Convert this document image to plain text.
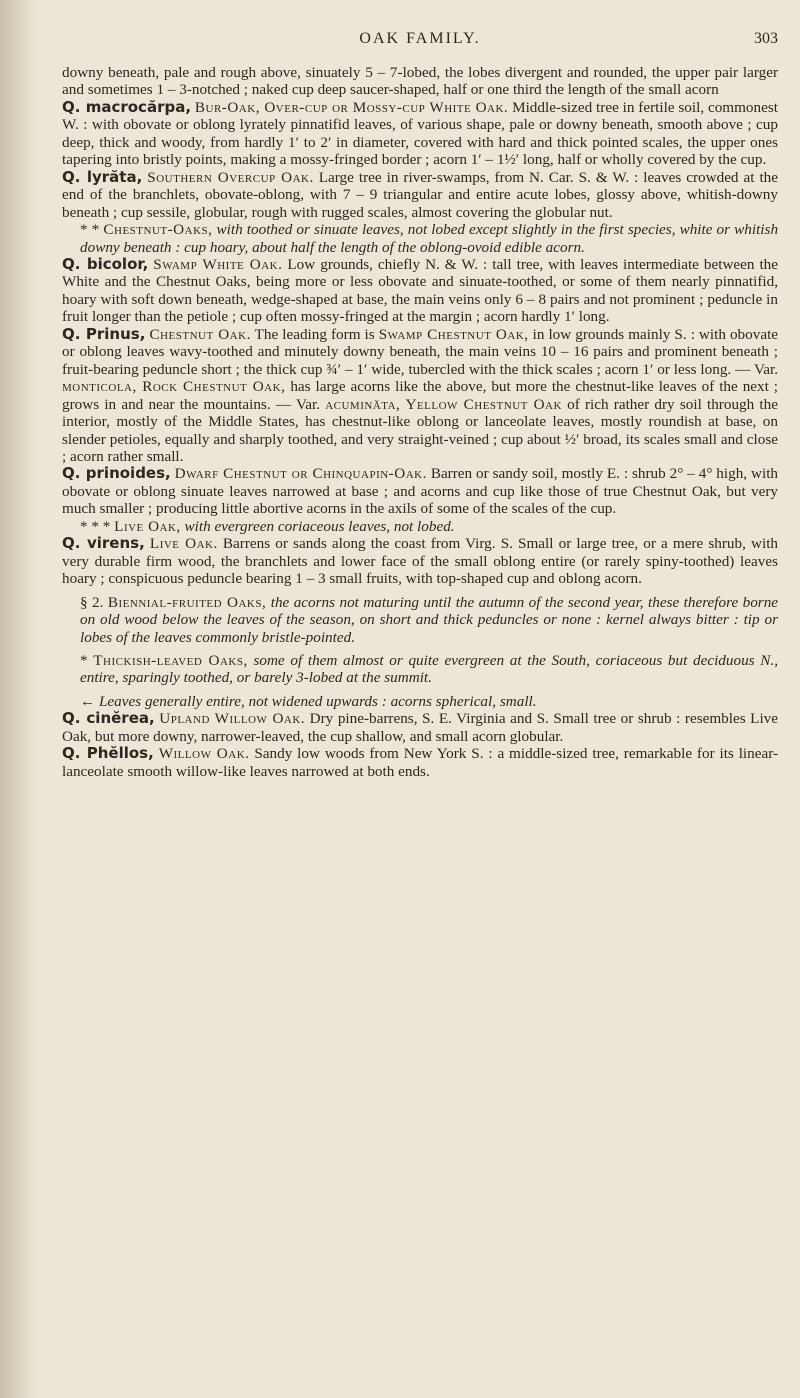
OAK FAMILY.	303

downy beneath, pale and rough above, sinuately 5 – 7-lobed, the lobes divergent and rounded, the upper pair larger and sometimes 1 – 3-notched ; naked cup deep saucer-shaped, half or one third the length of the small acorn

Q. macrocărpa, Bur-Oak, Over-cup or Mossy-cup White Oak. Middle-sized tree in fertile soil, commonest W. : with obovate or oblong lyrately pinnatifid leaves, of various shape, pale or downy beneath, smooth above ; cup deep, thick and woody, from hardly 1′ to 2′ in diameter, covered with hard and thick pointed scales, the upper ones tapering into bristly points, making a mossy-fringed border ; acorn 1′ – 1½′ long, half or wholly covered by the cup.

Q. lyrăta, Southern Overcup Oak. Large tree in river-swamps, from N. Car. S. & W. : leaves crowded at the end of the branchlets, obovate-oblong, with 7 – 9 triangular and entire acute lobes, glossy above, whitish-downy beneath ; cup sessile, globular, rough with rugged scales, almost covering the globular nut.

* * Chestnut-Oaks, with toothed or sinuate leaves, not lobed except slightly in the first species, white or whitish downy beneath : cup hoary, about half the length of the oblong-ovoid edible acorn.

Q. bicolor, Swamp White Oak. Low grounds, chiefly N. & W. : tall tree, with leaves intermediate between the White and the Chestnut Oaks, being more or less obovate and sinuate-toothed, or some of them nearly pinnatifid, hoary with soft down beneath, wedge-shaped at base, the main veins only 6 – 8 pairs and not prominent ; peduncle in fruit longer than the petiole ; cup often mossy-fringed at the margin ; acorn hardly 1′ long.

Q. Prinus, Chestnut Oak. The leading form is Swamp Chestnut Oak, in low grounds mainly S. : with obovate or oblong leaves wavy-toothed and minutely downy beneath, the main veins 10 – 16 pairs and prominent beneath ; fruit-bearing peduncle short ; the thick cup ¾′ – 1′ wide, tubercled with the thick scales ; acorn 1′ or less long. — Var. monticola, Rock Chestnut Oak, has large acorns like the above, but more the chestnut-like leaves of the next ; grows in and near the mountains. — Var. acuminăta, Yellow Chestnut Oak of rich rather dry soil through the interior, mostly of the Middle States, has chestnut-like oblong or lanceolate leaves, mostly roundish at base, on slender petioles, equally and sharply toothed, and very straight-veined ; cup about ½′ broad, its scales small and close ; acorn rather small.

Q. prinoides, Dwarf Chestnut or Chinquapin-Oak. Barren or sandy soil, mostly E. : shrub 2° – 4° high, with obovate or oblong sinuate leaves narrowed at base ; and acorns and cup like those of true Chestnut Oak, but very much smaller ; producing little abortive acorns in the axils of some of the scales of the cup.

* * * Live Oak, with evergreen coriaceous leaves, not lobed.

Q. virens, Live Oak. Barrens or sands along the coast from Virg. S. Small or large tree, or a mere shrub, with very durable firm wood, the branchlets and lower face of the small oblong entire (or rarely spiny-toothed) leaves hoary ; conspicuous peduncle bearing 1 – 3 small fruits, with top-shaped cup and oblong acorn.

§ 2. Biennial-fruited Oaks, the acorns not maturing until the autumn of the second year, these therefore borne on old wood below the leaves of the season, on short and thick peduncles or none : kernel always bitter : tip or lobes of the leaves commonly bristle-pointed.

* Thickish-leaved Oaks, some of them almost or quite evergreen at the South, coriaceous but deciduous N., entire, sparingly toothed, or barely 3-lobed at the summit.

← Leaves generally entire, not widened upwards : acorns spherical, small.

Q. cinĕrea, Upland Willow Oak. Dry pine-barrens, S. E. Virginia and S. Small tree or shrub : resembles Live Oak, but more downy, narrower-leaved, the cup shallow, and small acorn globular.

Q. Phĕllos, Willow Oak. Sandy low woods from New York S. : a middle-sized tree, remarkable for its linear-lanceolate smooth willow-like leaves narrowed at both ends.
